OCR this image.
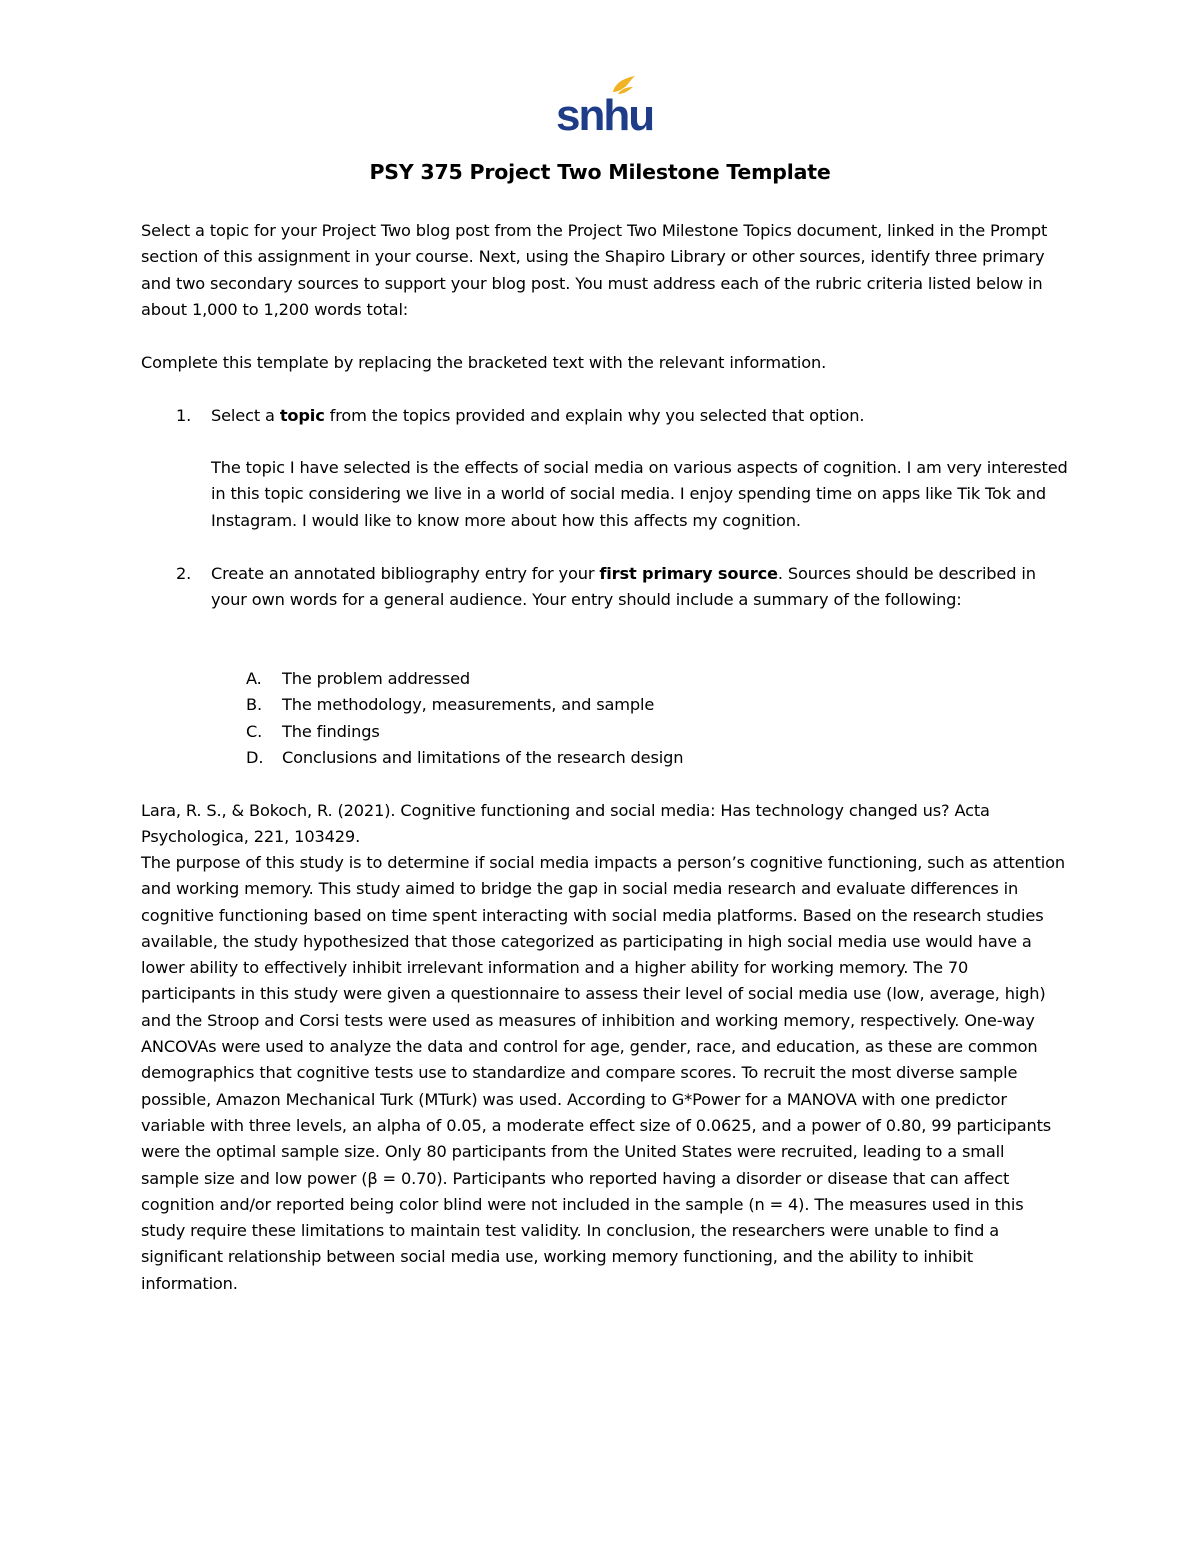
snhu
PSY 375 Project Two Milestone Template
Select a topic for your Project Two blog post from the Project Two Milestone Topics document, linked in the Prompt section of this assignment in your course. Next, using the Shapiro Library or other sources, identify three primary and two secondary sources to support your blog post. You must address each of the rubric criteria listed below in about 1,000 to 1,200 words total:
Complete this template by replacing the bracketed text with the relevant information.
1. Select a topic from the topics provided and explain why you selected that option.
The topic I have selected is the effects of social media on various aspects of cognition. I am very interested in this topic considering we live in a world of social media. I enjoy spending time on apps like Tik Tok and Instagram. I would like to know more about how this affects my cognition.
2. Create an annotated bibliography entry for your first primary source. Sources should be described in your own words for a general audience. Your entry should include a summary of the following:
A. The problem addressed
B. The methodology, measurements, and sample
C. The findings
D. Conclusions and limitations of the research design
Lara, R. S., & Bokoch, R. (2021). Cognitive functioning and social media: Has technology changed us? Acta Psychologica, 221, 103429.
The purpose of this study is to determine if social media impacts a person’s cognitive functioning, such as attention and working memory. This study aimed to bridge the gap in social media research and evaluate differences in cognitive functioning based on time spent interacting with social media platforms. Based on the research studies available, the study hypothesized that those categorized as participating in high social media use would have a lower ability to effectively inhibit irrelevant information and a higher ability for working memory. The 70 participants in this study were given a questionnaire to assess their level of social media use (low, average, high) and the Stroop and Corsi tests were used as measures of inhibition and working memory, respectively. One-way ANCOVAs were used to analyze the data and control for age, gender, race, and education, as these are common demographics that cognitive tests use to standardize and compare scores. To recruit the most diverse sample possible, Amazon Mechanical Turk (MTurk) was used. According to G*Power for a MANOVA with one predictor variable with three levels, an alpha of 0.05, a moderate effect size of 0.0625, and a power of 0.80, 99 participants were the optimal sample size. Only 80 participants from the United States were recruited, leading to a small sample size and low power (β = 0.70). Participants who reported having a disorder or disease that can affect cognition and/or reported being color blind were not included in the sample (n = 4). The measures used in this study require these limitations to maintain test validity. In conclusion, the researchers were unable to find a significant relationship between social media use, working memory functioning, and the ability to inhibit information.
